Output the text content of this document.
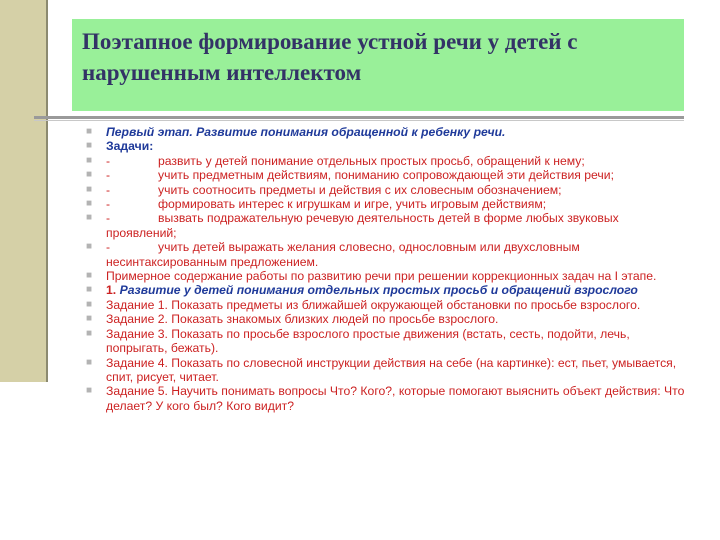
Поэтапное формирование устной речи у детей с нарушенным интеллектом
■ Первый этап. Развитие понимания обращенной к ребенку речи.
■ Задачи:
■ -	развить у детей понимание отдельных простых просьб, обращений к нему;
■ -	учить предметным действиям, пониманию сопровождающей эти действия речи;
■ -	учить соотносить предметы и действия с их словесным обозначением;
■ -	формировать интерес к игрушкам и игре, учить игровым действиям;
■ -	вызвать подражательную речевую деятельность детей в форме любых звуковых проявлений;
■ -	учить детей выражать желания словесно, однословным или двухсловным несинтаксированным предложением.
■ Примерное содержание работы по развитию речи при решении коррекционных задач на I этапе.
■ 1. Развитие у детей понимания отдельных простых просьб и обращений взрослого
■ Задание 1. Показать предметы из ближайшей окружающей обстановки по просьбе взрослого.
■ Задание 2. Показать знакомых близких людей по просьбе взрослого.
■ Задание 3. Показать по просьбе взрослого простые движения (встать, сесть, подойти, лечь, попрыгать, бежать).
■ Задание 4. Показать по словесной инструкции действия на себе (на картинке): ест, пьет, умывается, спит, рисует, читает.
■ Задание 5. Научить понимать вопросы Что? Кого?, которые помогают выяснить объект действия: Что делает? У кого был? Кого видит?
